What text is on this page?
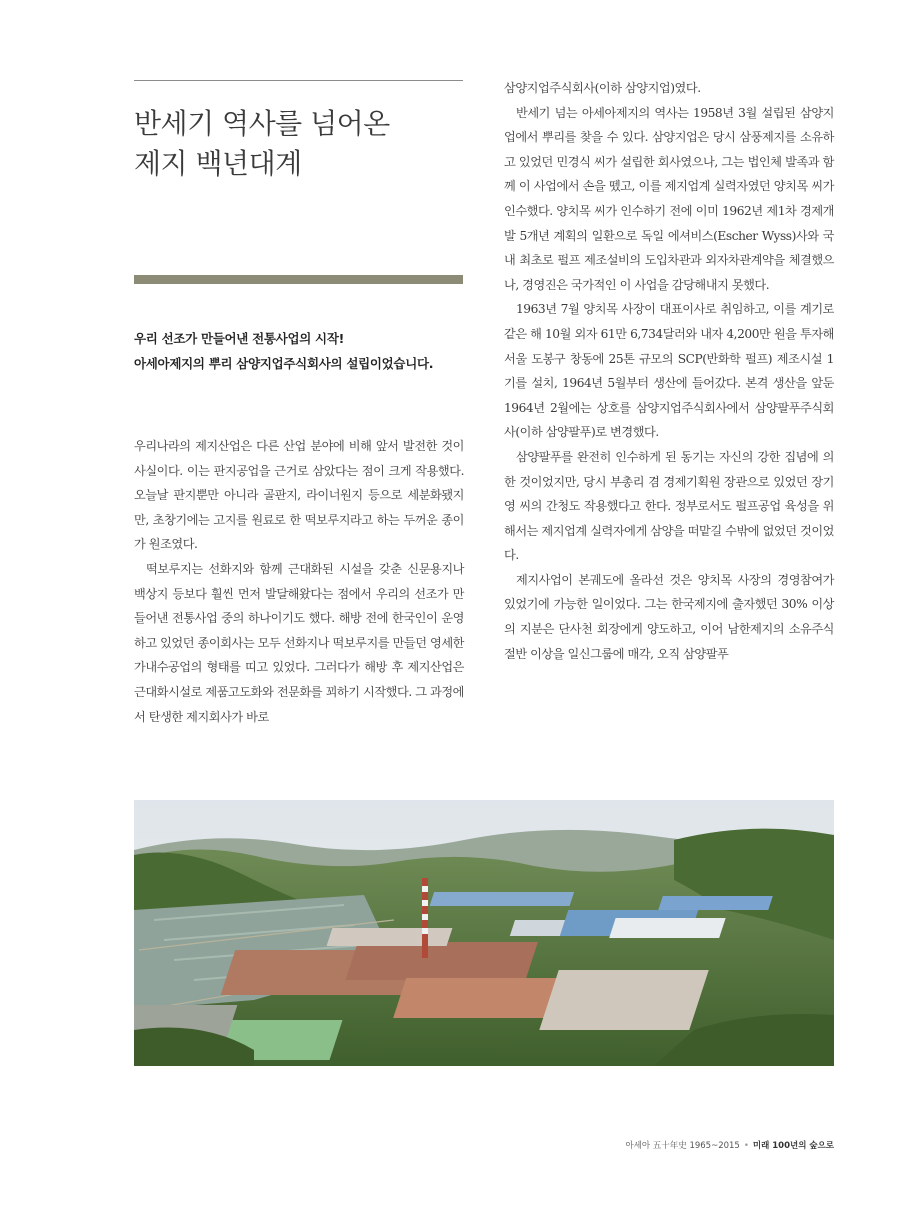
반세기 역사를 넘어온
제지 백년대계
우리 선조가 만들어낸 전통사업의 시작!
아세아제지의 뿌리 삼양지업주식회사의 설립이었습니다.

우리나라의 제지산업은 다른 산업 분야에 비해 앞서 발전한 것이 사실이다. 이는 판지공업을 근거로 삼았다는 점이 크게 작용했다. 오늘날 판지뿐만 아니라 골판지, 라이너원지 등으로 세분화됐지만, 초창기에는 고지를 원료로 한 떡보루지라고 하는 두꺼운 종이가 원조였다.

떡보루지는 선화지와 함께 근대화된 시설을 갖춘 신문용지나 백상지 등보다 훨씬 먼저 발달해왔다는 점에서 우리의 선조가 만들어낸 전통사업 중의 하나이기도 했다. 해방 전에 한국인이 운영하고 있었던 종이회사는 모두 선화지나 떡보루지를 만들던 영세한 가내수공업의 형태를 띠고 있었다. 그러다가 해방 후 제지산업은 근대화시설로 제품고도화와 전문화를 꾀하기 시작했다. 그 과정에서 탄생한 제지회사가 바로

삼양지업주식회사(이하 삼양지업)였다.

반세기 넘는 아세아제지의 역사는 1958년 3월 설립된 삼양지업에서 뿌리를 찾을 수 있다. 삼양지업은 당시 삼풍제지를 소유하고 있었던 민경식 씨가 설립한 회사였으나, 그는 법인체 발족과 함께 이 사업에서 손을 뗐고, 이를 제지업계 실력자였던 양치목 씨가 인수했다. 양치목 씨가 인수하기 전에 이미 1962년 제1차 경제개발 5개년 계획의 일환으로 독일 에셔비스(Escher Wyss)사와 국내 최초로 펄프 제조설비의 도입차관과 외자차관계약을 체결했으나, 경영진은 국가적인 이 사업을 감당해내지 못했다.

1963년 7월 양치목 사장이 대표이사로 취임하고, 이를 계기로 같은 해 10월 외자 61만 6,734달러와 내자 4,200만 원을 투자해 서울 도봉구 창동에 25톤 규모의 SCP(반화학 펄프) 제조시설 1기를 설치, 1964년 5월부터 생산에 들어갔다. 본격 생산을 앞둔 1964년 2월에는 상호를 삼양지업주식회사에서 삼양팔푸주식회사(이하 삼양팔푸)로 변경했다.

삼양팔푸를 완전히 인수하게 된 동기는 자신의 강한 집념에 의한 것이었지만, 당시 부총리 겸 경제기획원 장관으로 있었던 장기영 씨의 간청도 작용했다고 한다. 정부로서도 펄프공업 육성을 위해서는 제지업계 실력자에게 삼양을 떠맡길 수밖에 없었던 것이었다.

제지사업이 본궤도에 올라선 것은 양치목 사장의 경영참여가 있었기에 가능한 일이었다. 그는 한국제지에 출자했던 30% 이상의 지분은 단사천 회장에게 양도하고, 이어 남한제지의 소유주식 절반 이상을 일신그룹에 매각, 오직 삼양팔푸

아세아 五十年史 1965~2015 • 미래 100년의 숲으로
